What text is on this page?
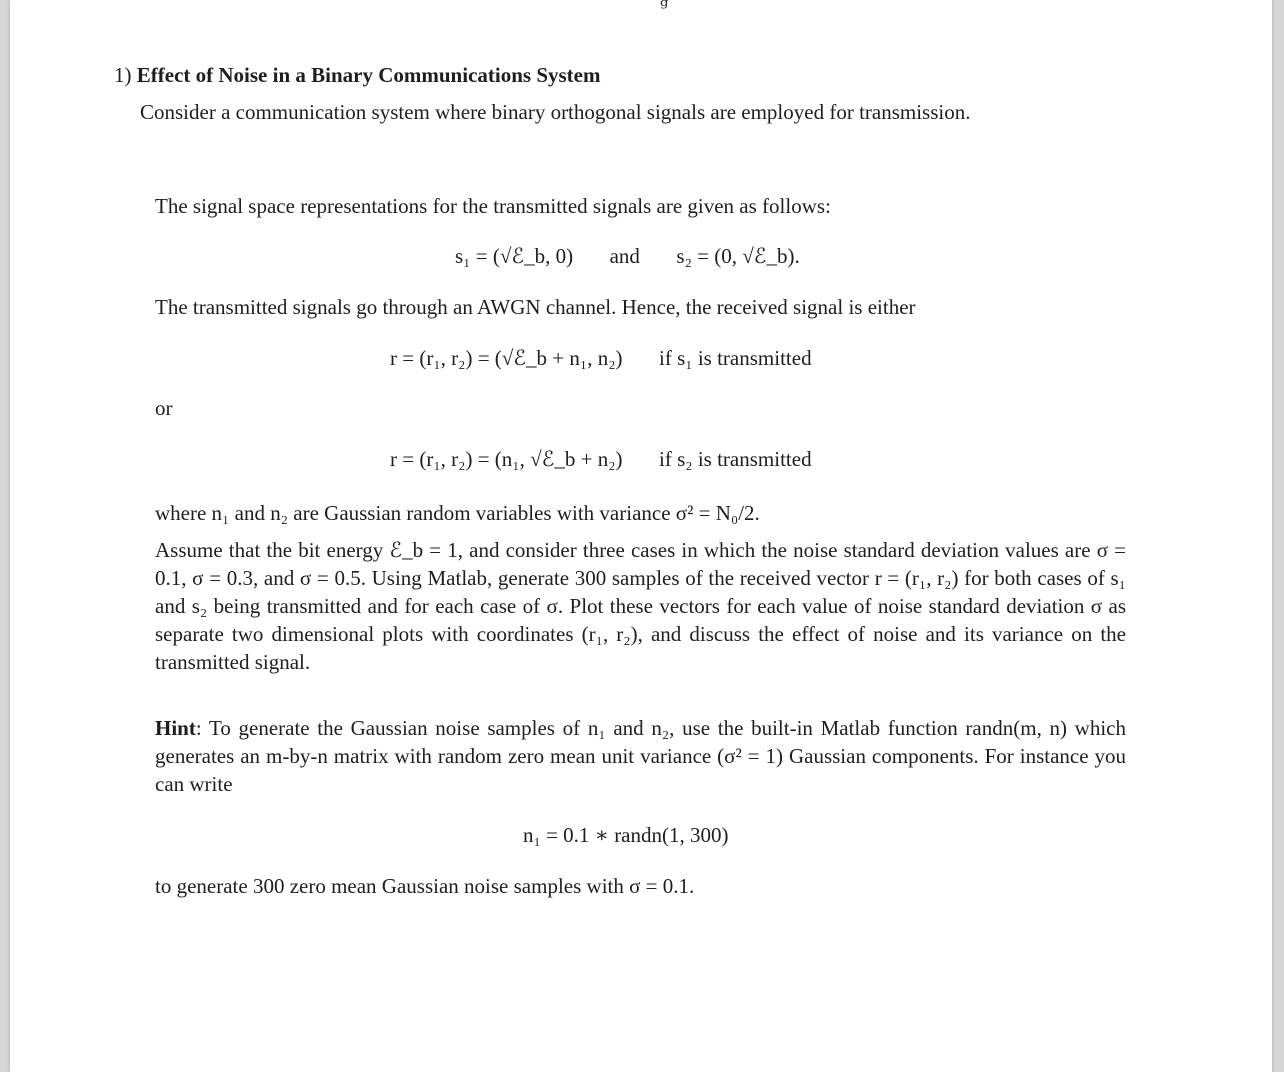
ᵍ
1) Effect of Noise in a Binary Communications System
Consider a communication system where binary orthogonal signals are employed for transmission.
The signal space representations for the transmitted signals are given as follows:
s₁ = (√ℰ_b, 0) and s₂ = (0, √ℰ_b).
The transmitted signals go through an AWGN channel. Hence, the received signal is either
r = (r₁, r₂) = (√ℰ_b + n₁, n₂) if s₁ is transmitted
or
r = (r₁, r₂) = (n₁, √ℰ_b + n₂) if s₂ is transmitted
where n₁ and n₂ are Gaussian random variables with variance σ² = N₀/2.
Assume that the bit energy ℰ_b = 1, and consider three cases in which the noise standard deviation values are σ = 0.1, σ = 0.3, and σ = 0.5. Using Matlab, generate 300 samples of the received vector r = (r₁, r₂) for both cases of s₁ and s₂ being transmitted and for each case of σ. Plot these vectors for each value of noise standard deviation σ as separate two dimensional plots with coordinates (r₁, r₂), and discuss the effect of noise and its variance on the transmitted signal.
Hint: To generate the Gaussian noise samples of n₁ and n₂, use the built-in Matlab function randn(m, n) which generates an m-by-n matrix with random zero mean unit variance (σ² = 1) Gaussian components. For instance you can write
n₁ = 0.1 ∗ randn(1, 300)
to generate 300 zero mean Gaussian noise samples with σ = 0.1.
